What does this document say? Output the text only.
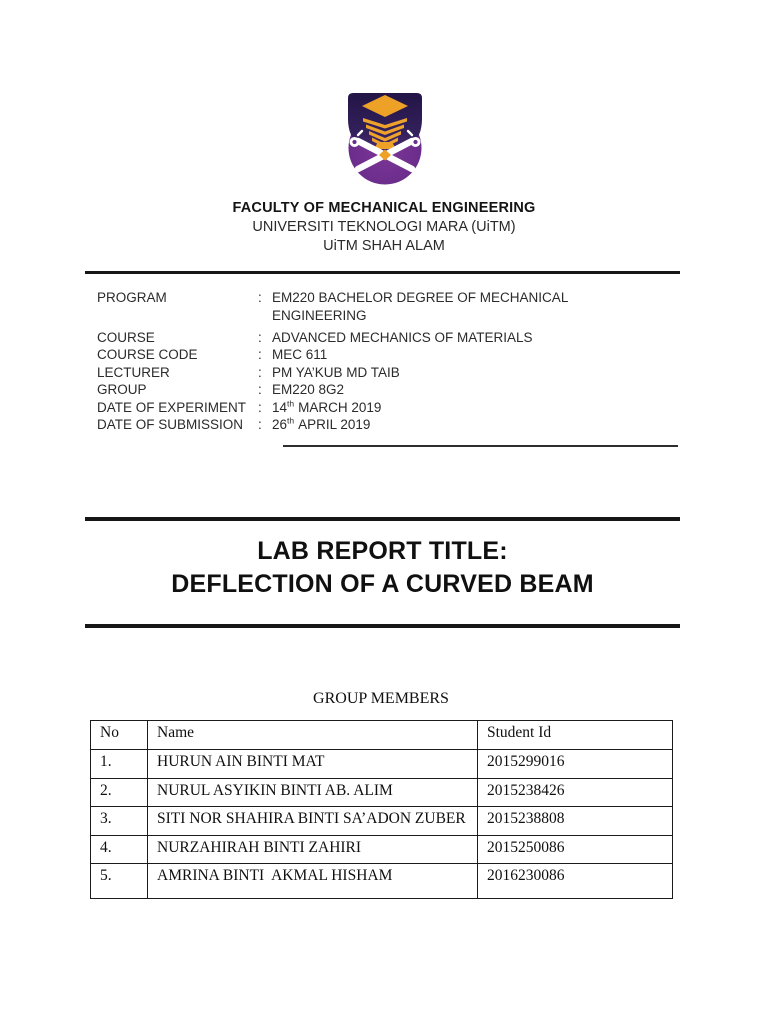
FACULTY OF MECHANICAL ENGINEERING
UNIVERSITI TEKNOLOGI MARA (UiTM)
UiTM SHAH ALAM
PROGRAM	: EM220 BACHELOR DEGREE OF MECHANICAL ENGINEERING
COURSE	: ADVANCED MECHANICS OF MATERIALS
COURSE CODE	: MEC 611
LECTURER	: PM YA’KUB MD TAIB
GROUP	: EM220 8G2
DATE OF EXPERIMENT : 14th MARCH 2019
DATE OF SUBMISSION	: 26th APRIL 2019
LAB REPORT TITLE:
DEFLECTION OF A CURVED BEAM
GROUP MEMBERS
No	Name	Student Id
1.	HURUN AIN BINTI MAT	2015299016
2.	NURUL ASYIKIN BINTI AB. ALIM	2015238426
3.	SITI NOR SHAHIRA BINTI SA’ADON ZUBER	2015238808
4.	NURZAHIRAH BINTI ZAHIRI	2015250086
5.	AMRINA BINTI  AKMAL HISHAM	2016230086
